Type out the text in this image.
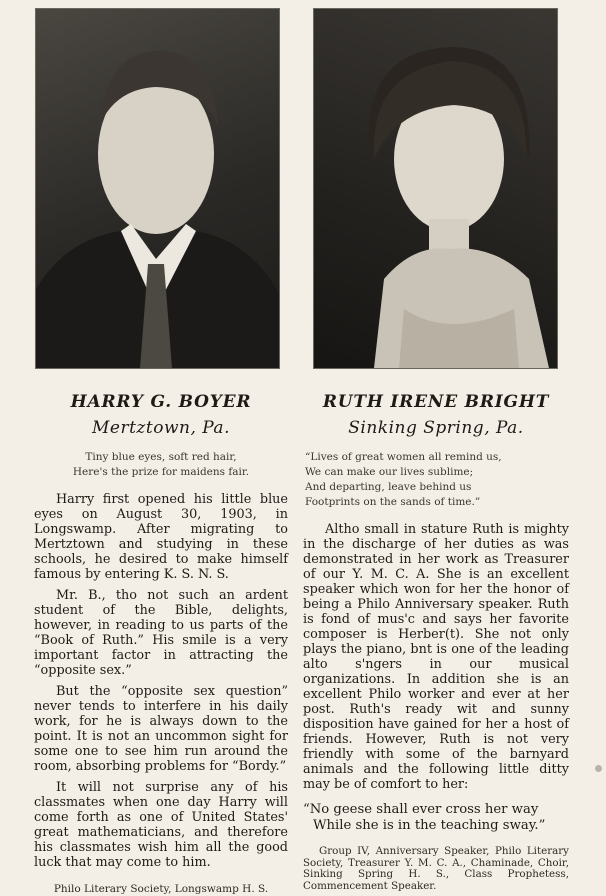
HARRY G. BOYER
Mertztown, Pa.
Tiny blue eyes, soft red hair,
Here's the prize for maidens fair.

Harry first opened his little blue eyes on August 30, 1903, in Longswamp. After migrating to Mertztown and studying in these schools, he desired to make himself famous by entering K. S. N. S.

Mr. B., tho not such an ardent student of the Bible, delights, however, in reading to us parts of the “Book of Ruth.” His smile is a very important factor in attracting the “opposite sex.”

But the “opposite sex question” never tends to interfere in his daily work, for he is always down to the point. It is not an uncommon sight for some one to see him run around the room, absorbing problems for “Bordy.”

It will not surprise any of his classmates when one day Harry will come forth as one of United States' great mathematicians, and therefore his classmates wish him all the good luck that may come to him.

Philo Literary Society, Longswamp H. S.
RUTH IRENE BRIGHT
Sinking Spring, Pa.
“Lives of great women all remind us,
We can make our lives sublime;
And departing, leave behind us
Footprints on the sands of time.”

Altho small in stature Ruth is mighty in the discharge of her duties as was demonstrated in her work as Treasurer of our Y. M. C. A. She is an excellent speaker which won for her the honor of being a Philo Anniversary speaker. Ruth is fond of mus'c and says her favorite composer is Herber(t). She not only plays the piano, bnt is one of the leading alto s'ngers in our musical organizations. In addition she is an excellent Philo worker and ever at her post. Ruth's ready wit and sunny disposition have gained for her a host of friends. However, Ruth is not very friendly with some of the barnyard animals and the following little ditty may be of comfort to her:

“No geese shall ever cross her way
While she is in the teaching sway.”
Group IV, Anniversary Speaker, Philo Literary Society, Treasurer Y. M. C. A., Chaminade, Choir, Sinking Spring H. S., Class Prophetess, Commencement Speaker.
